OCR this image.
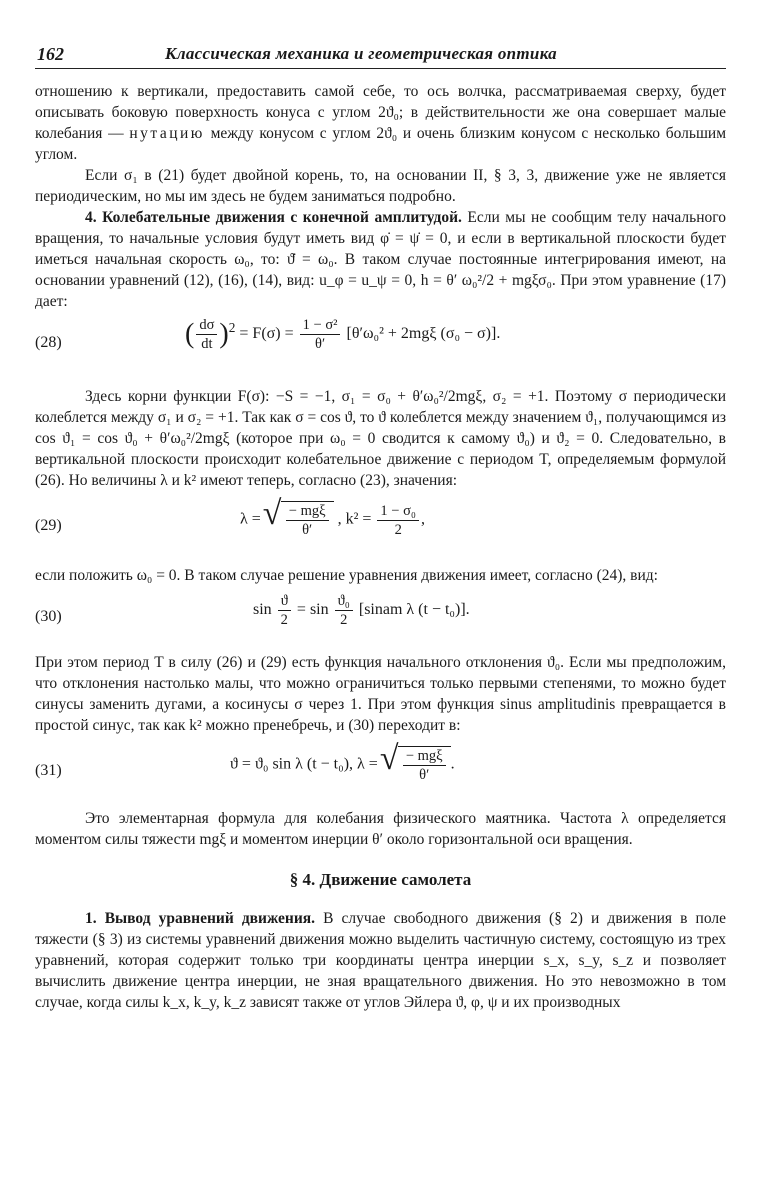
162	Классическая механика и геометрическая оптика

отношению к вертикали, предоставить самой себе, то ось волчка, рассматриваемая сверху, будет описывать боковую поверхность конуса с углом 2ϑ₀; в действительности же она совершает малые колебания — нутацию между конусом с углом 2ϑ₀ и очень близким конусом с несколько большим углом.

Если σ₁ в (21) будет двойной корень, то, на основании II, § 3, 3, движение уже не является периодическим, но мы им здесь не будем заниматься подробно.

4. Колебательные движения с конечной амплитудой. Если мы не сообщим телу начального вращения, то начальные условия будут иметь вид φ̇ = ψ̇ = 0, и если в вертикальной плоскости будет иметься начальная скорость ω₀, то: ϑ̇ = ω₀. В таком случае постоянные интегрирования имеют, на основании уравнений (12), (16), (14), вид: u_φ = u_ψ = 0, h = θ′ ω₀²/2 + mgξσ₀. При этом уравнение (17) дает:

(28)	( $\frac{d\sigma}{dt} )^2 = F(\sigma) = \frac{\text{1 − σ²}}{\theta'} [\theta'\omega_0^2 + 2mg\xi$ (σ₀ − σ)].

Здесь корни функции F(σ): −S = −1, σ₁ = σ₀ + θ′ω₀²/2mgξ, σ₂ = +1. Поэтому σ периодически колеблется между σ₁ и σ₂ = +1. Так как σ = cos ϑ, то ϑ колеблется между значением ϑ₁, получающимся из cos ϑ₁ = cos ϑ₀ + θ′ω₀²/2mgξ (которое при ω₀ = 0 сводится к самому ϑ₀) и ϑ₂ = 0. Следовательно, в вертикальной плоскости происходит колебательное движение с периодом T, определяемым формулой (26). Но величины λ и k² имеют теперь, согласно (23), значения:

(29)	λ = √ $\frac{\text{− mgξ}}{\theta'}$ , $k^2 = \frac{\text{1 − σ₀}}{2}$ ,

если положить ω₀ = 0. В таком случае решение уравнения движения имеет, согласно (24), вид:

(30)	$\sin \frac{ϑ}{2} = \sin \frac{\text{ϑ₀}}{2}$ [sinam λ (t − t₀)].

При этом период T в силу (26) и (29) есть функция начального отклонения ϑ₀. Если мы предположим, что отклонения настолько малы, что можно ограничиться только первыми степенями, то можно будет синусы заменить дугами, а косинусы σ через 1. При этом функция sinus amplitudinis превращается в простой синус, так как k² можно пренебречь, и (30) переходит в:

(31)	ϑ = ϑ₀ sin λ (t − t₀), λ = √ $\frac{\text{− mgξ}}{\theta'}$ .

Это элементарная формула для колебания физического маятника. Частота λ определяется моментом силы тяжести mgξ и моментом инерции θ′ около горизонтальной оси вращения.

§ 4. Движение самолета

1. Вывод уравнений движения. В случае свободного движения (§ 2) и движения в поле тяжести (§ 3) из системы уравнений движения можно выделить частичную систему, состоящую из трех уравнений, которая содержит только три координаты центра инерции s_x, s_y, s_z и позволяет вычислить движение центра инерции, не зная вращательного движения. Но это невозможно в том случае, когда силы k_x, k_y, k_z зависят также от углов Эйлера ϑ, φ, ψ и их производных
